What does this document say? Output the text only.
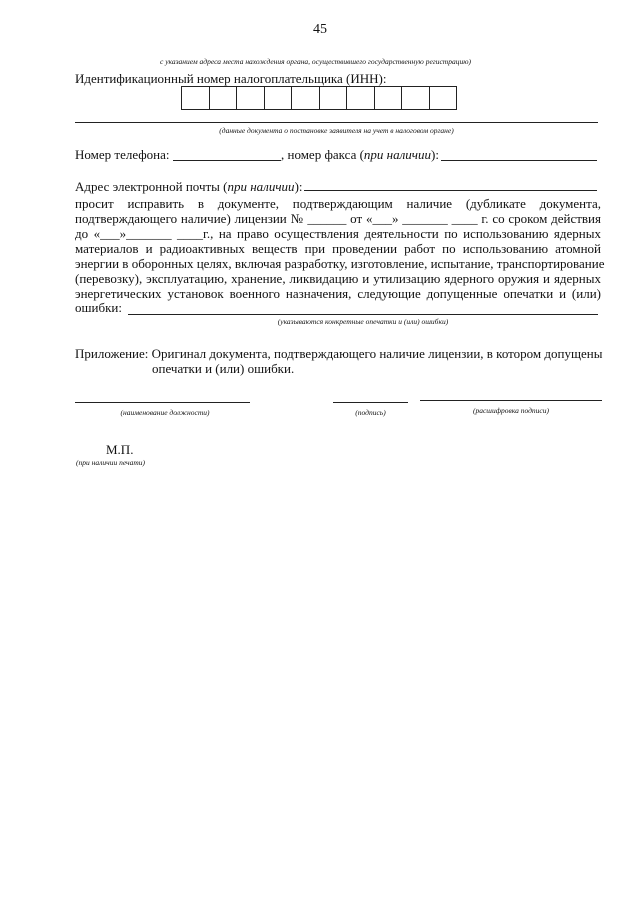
45
с указанием адреса места нахождения органа, осуществившего государственную регистрацию)
Идентификационный номер налогоплательщика (ИНН):
(данные документа о постановке заявителя на учет в налоговом органе)
Номер телефона:	, номер факса (при наличии):
Адрес электронной почты (при наличии):
просит исправить в документе, подтверждающим наличие (дубликате документа,
подтверждающего наличие) лицензии № ______ от «___» _______ ____ г. со сроком действия
до «___»_______ ____г., на право осуществления деятельности по использованию ядерных
материалов и радиоактивных веществ при проведении работ по использованию атомной
энергии в оборонных целях, включая разработку, изготовление, испытание, транспортирование
(перевозку), эксплуатацию, хранение, ликвидацию и утилизацию ядерного оружия и ядерных
энергетических установок военного назначения, следующие допущенные опечатки и (или)
ошибки:
(указываются конкретные опечатки и (или) ошибки)
Приложение: Оригинал документа, подтверждающего наличие лицензии, в котором допущены
опечатки и (или) ошибки.
(наименование должности)	(подпись)	(расшифровка подписи)
М.П.
(при наличии печати)
